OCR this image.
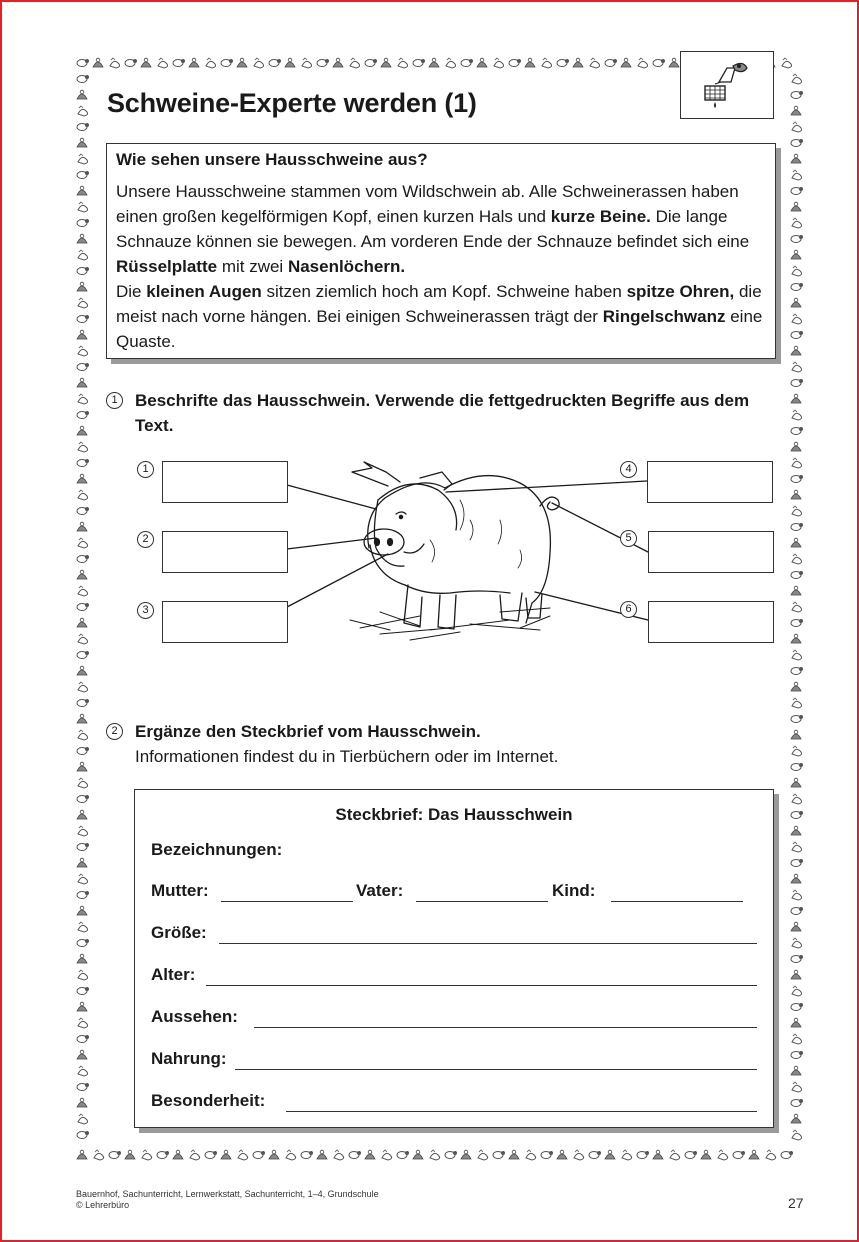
Schweine-Experte werden (1)

Wie sehen unsere Hausschweine aus?

Unsere Hausschweine stammen vom Wildschwein ab. Alle Schweinerassen haben einen großen kegelförmigen Kopf, einen kurzen Hals und kurze Beine. Die lange Schnauze können sie bewegen. Am vorderen Ende der Schnauze befindet sich eine Rüsselplatte mit zwei Nasenlöchern.
Die kleinen Augen sitzen ziemlich hoch am Kopf. Schweine haben spitze Ohren, die meist nach vorne hängen. Bei einigen Schweinerassen trägt der Ringelschwanz eine Quaste.

1	Beschrifte das Hausschwein. Verwende die fettgedruckten Begriffe aus dem Text.
1
2
3
4
5
6
2	Ergänze den Steckbrief vom Hausschwein.
Informationen findest du in Tierbüchern oder im Internet.

Steckbrief: Das Hausschwein

Bezeichnungen:
Mutter:	Vater:	Kind:
Größe:
Alter:
Aussehen:
Nahrung:
Besonderheit:
Bauernhof, Sachunterricht, Lernwerkstatt, Sachunterricht, 1–4, Grundschule
© Lehrerbüro	27
